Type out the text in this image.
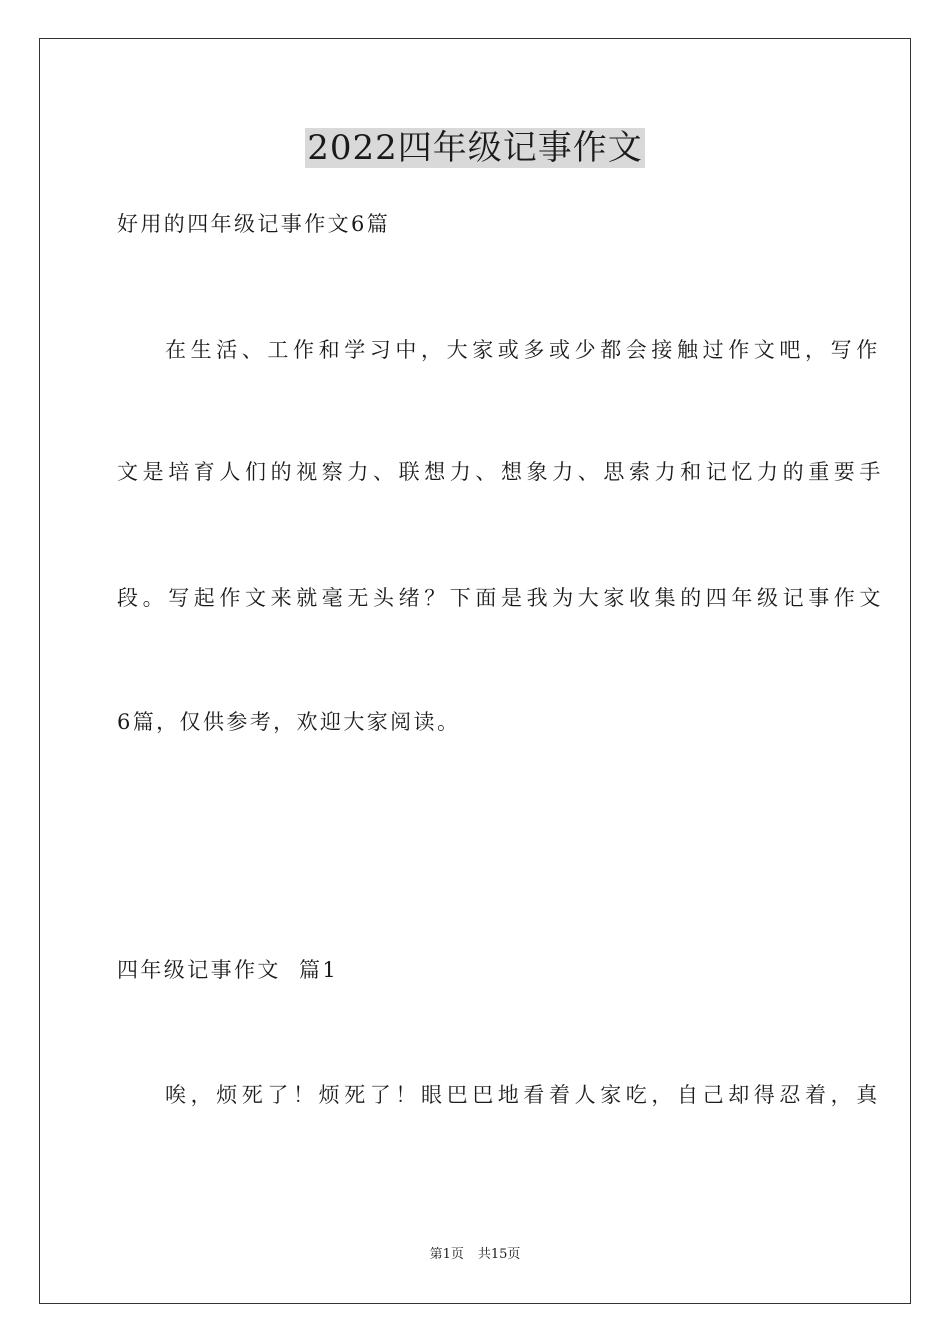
2022四年级记事作文
好用的四年级记事作文6篇
在生活、工作和学习中，大家或多或少都会接触过作文吧，写作
文是培育人们的视察力、联想力、想象力、思索力和记忆力的重要手
段。写起作文来就毫无头绪？下面是我为大家收集的四年级记事作文
6篇，仅供参考，欢迎大家阅读。
四年级记事作文  篇1
唉，烦死了！烦死了！眼巴巴地看着人家吃，自己却得忍着，真
第1页 共15页
